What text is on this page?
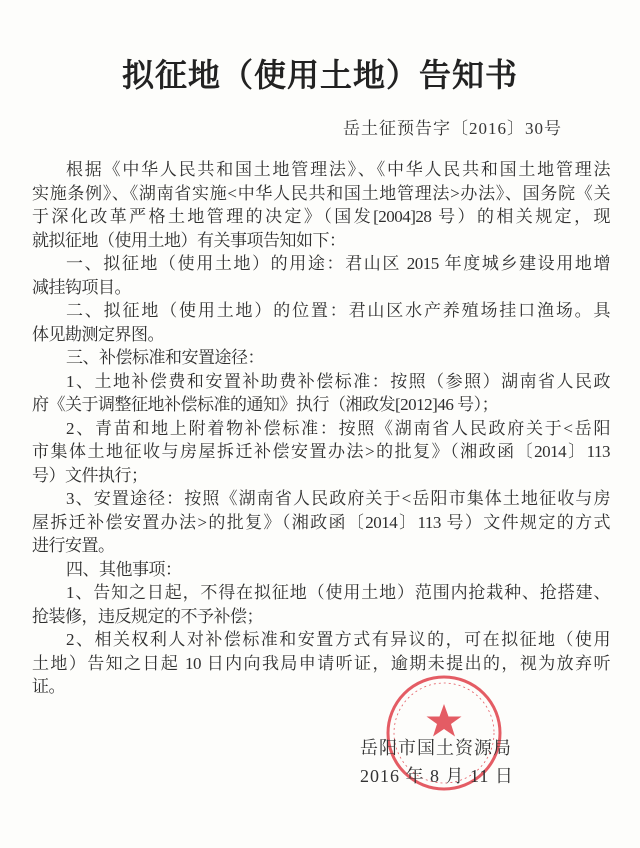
拟征地（使用土地）告知书
岳土征预告字〔2016〕30号
根据《中华人民共和国土地管理法》、《中华人民共和国土地管理法
实施条例》、《湖南省实施<中华人民共和国土地管理法>办法》、国务院《关
于深化改革严格土地管理的决定》（国发[2004]28 号）的相关规定，现
就拟征地（使用土地）有关事项告知如下：
一、拟征地（使用土地）的用途：君山区 2015 年度城乡建设用地增
减挂钩项目。
二、拟征地（使用土地）的位置：君山区水产养殖场挂口渔场。具
体见勘测定界图。
三、补偿标准和安置途径：
1、土地补偿费和安置补助费补偿标准：按照（参照）湖南省人民政
府《关于调整征地补偿标准的通知》执行（湘政发[2012]46 号）；
2、青苗和地上附着物补偿标准：按照《湖南省人民政府关于<岳阳
市集体土地征收与房屋拆迁补偿安置办法>的批复》（湘政函〔2014〕113
号）文件执行；
3、安置途径：按照《湖南省人民政府关于<岳阳市集体土地征收与房
屋拆迁补偿安置办法>的批复》（湘政函〔2014〕113 号）文件规定的方式
进行安置。
四、其他事项：
1、告知之日起，不得在拟征地（使用土地）范围内抢栽种、抢搭建、
抢装修，违反规定的不予补偿；
2、相关权利人对补偿标准和安置方式有异议的，可在拟征地（使用
土地）告知之日起 10 日内向我局申请听证，逾期未提出的，视为放弃听
证。
岳阳市国土资源局
2016 年 8 月 11 日
